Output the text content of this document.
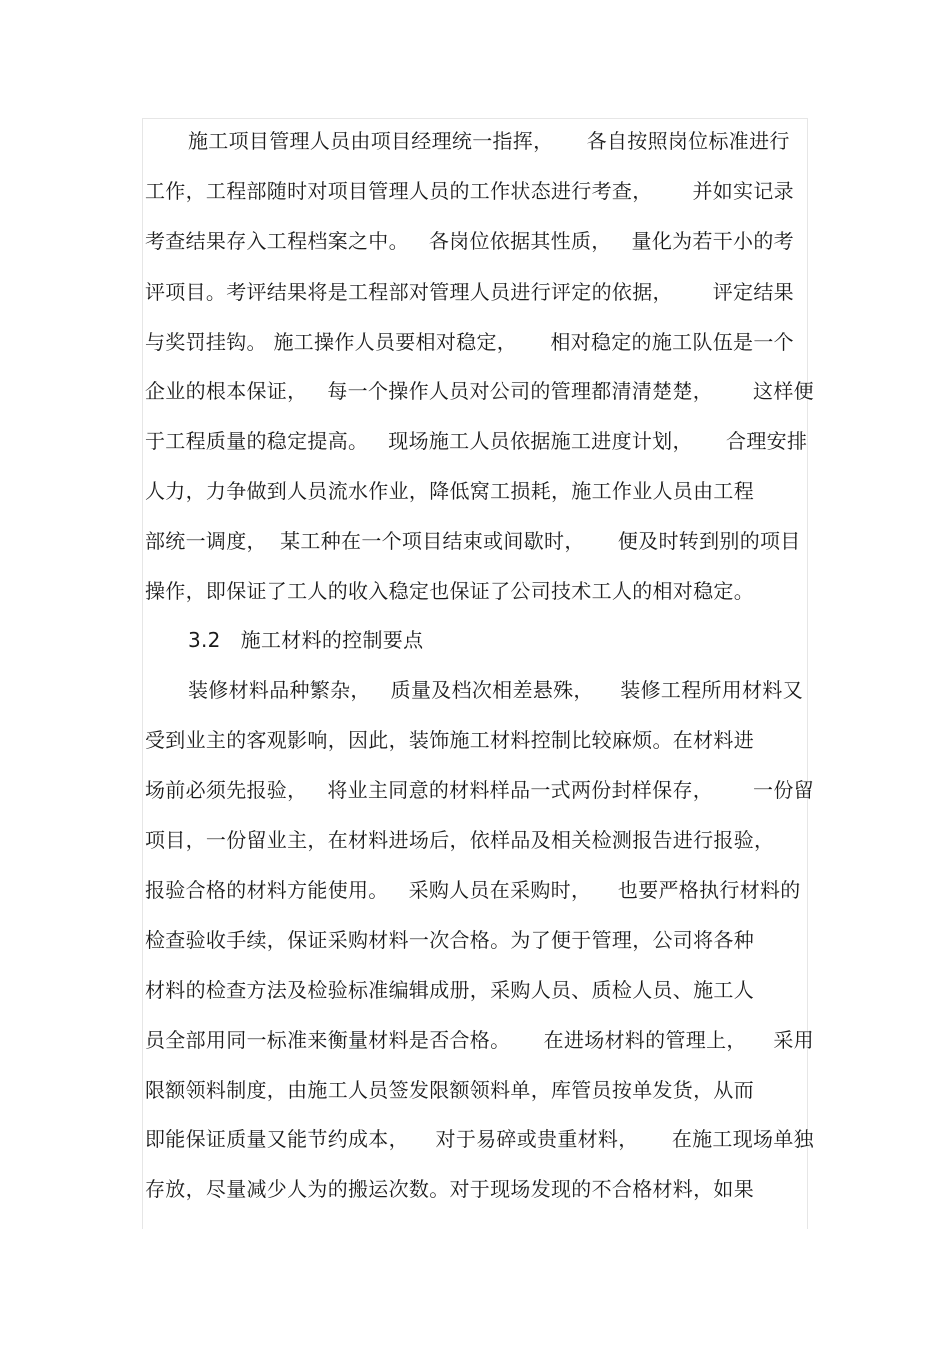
施工项目管理人员由项目经理统一指挥，     各自按照岗位标准进行
工作，工程部随时对项目管理人员的工作状态进行考查，      并如实记录
考查结果存入工程档案之中。   各岗位依据其性质，   量化为若干小的考
评项目。考评结果将是工程部对管理人员进行评定的依据，      评定结果
与奖罚挂钩。 施工操作人员要相对稳定，     相对稳定的施工队伍是一个
企业的根本保证，   每一个操作人员对公司的管理都清清楚楚，      这样便
于工程质量的稳定提高。   现场施工人员依据施工进度计划，     合理安排
人力，力争做到人员流水作业，降低窝工损耗，施工作业人员由工程
部统一调度，  某工种在一个项目结束或间歇时，     便及时转到别的项目
操作，即保证了工人的收入稳定也保证了公司技术工人的相对稳定。
3.2   施工材料的控制要点
装修材料品种繁杂，   质量及档次相差悬殊，    装修工程所用材料又
受到业主的客观影响，因此，装饰施工材料控制比较麻烦。在材料进
场前必须先报验，   将业主同意的材料样品一式两份封样保存，      一份留
项目，一份留业主，在材料进场后，依样品及相关检测报告进行报验，
报验合格的材料方能使用。   采购人员在采购时，    也要严格执行材料的
检查验收手续，保证采购材料一次合格。为了便于管理，公司将各种
材料的检查方法及检验标准编辑成册，采购人员、质检人员、施工人
员全部用同一标准来衡量材料是否合格。     在进场材料的管理上，    采用
限额领料制度，由施工人员签发限额领料单，库管员按单发货，从而
即能保证质量又能节约成本，    对于易碎或贵重材料，     在施工现场单独
存放，尽量减少人为的搬运次数。对于现场发现的不合格材料，如果
